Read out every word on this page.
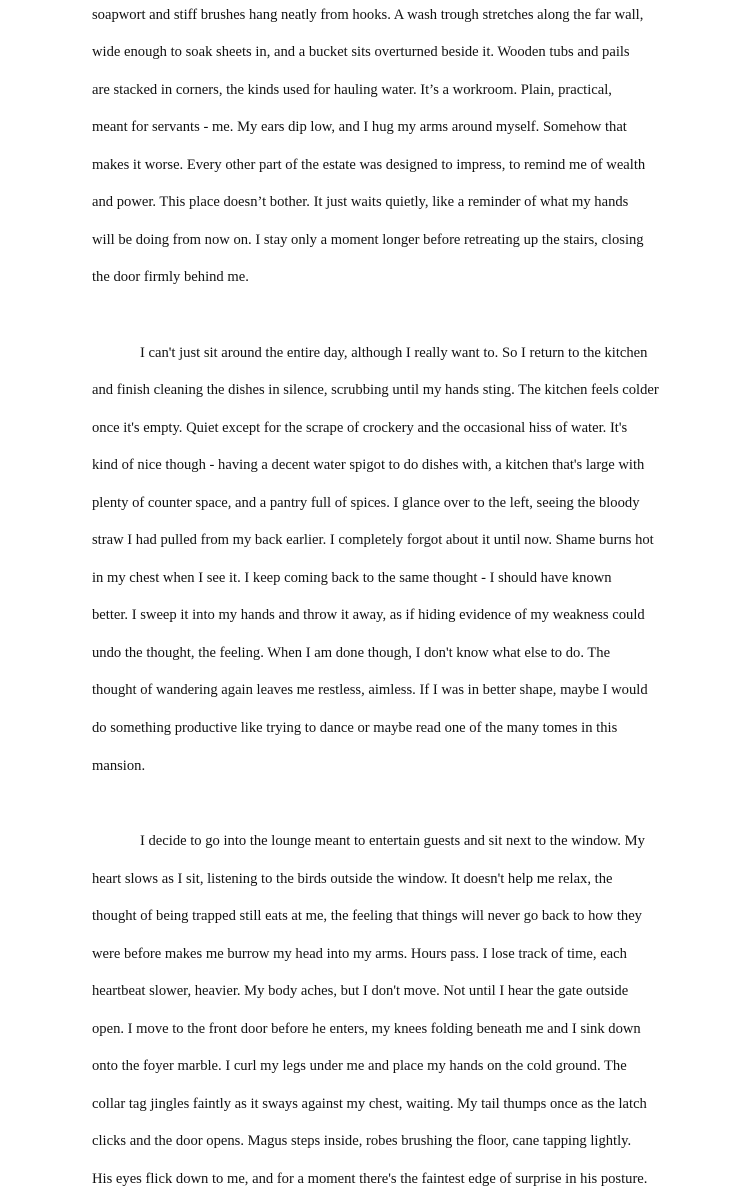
soapwort and stiff brushes hang neatly from hooks. A wash trough stretches along the far wall,
wide enough to soak sheets in, and a bucket sits overturned beside it. Wooden tubs and pails
are stacked in corners, the kinds used for hauling water. It’s a workroom. Plain, practical,
meant for servants - me. My ears dip low, and I hug my arms around myself. Somehow that
makes it worse. Every other part of the estate was designed to impress, to remind me of wealth
and power. This place doesn’t bother. It just waits quietly, like a reminder of what my hands
will be doing from now on. I stay only a moment longer before retreating up the stairs, closing
the door firmly behind me.
I can't just sit around the entire day, although I really want to. So I return to the kitchen
and finish cleaning the dishes in silence, scrubbing until my hands sting. The kitchen feels colder
once it's empty. Quiet except for the scrape of crockery and the occasional hiss of water. It's
kind of nice though - having a decent water spigot to do dishes with, a kitchen that's large with
plenty of counter space, and a pantry full of spices. I glance over to the left, seeing the bloody
straw I had pulled from my back earlier. I completely forgot about it until now. Shame burns hot
in my chest when I see it. I keep coming back to the same thought - I should have known
better. I sweep it into my hands and throw it away, as if hiding evidence of my weakness could
undo the thought, the feeling. When I am done though, I don't know what else to do. The
thought of wandering again leaves me restless, aimless. If I was in better shape, maybe I would
do something productive like trying to dance or maybe read one of the many tomes in this
mansion.
I decide to go into the lounge meant to entertain guests and sit next to the window. My
heart slows as I sit, listening to the birds outside the window. It doesn't help me relax, the
thought of being trapped still eats at me, the feeling that things will never go back to how they
were before makes me burrow my head into my arms. Hours pass. I lose track of time, each
heartbeat slower, heavier. My body aches, but I don't move. Not until I hear the gate outside
open. I move to the front door before he enters, my knees folding beneath me and I sink down
onto the foyer marble. I curl my legs under me and place my hands on the cold ground. The
collar tag jingles faintly as it sways against my chest, waiting. My tail thumps once as the latch
clicks and the door opens. Magus steps inside, robes brushing the floor, cane tapping lightly.
His eyes flick down to me, and for a moment there's the faintest edge of surprise in his posture.
